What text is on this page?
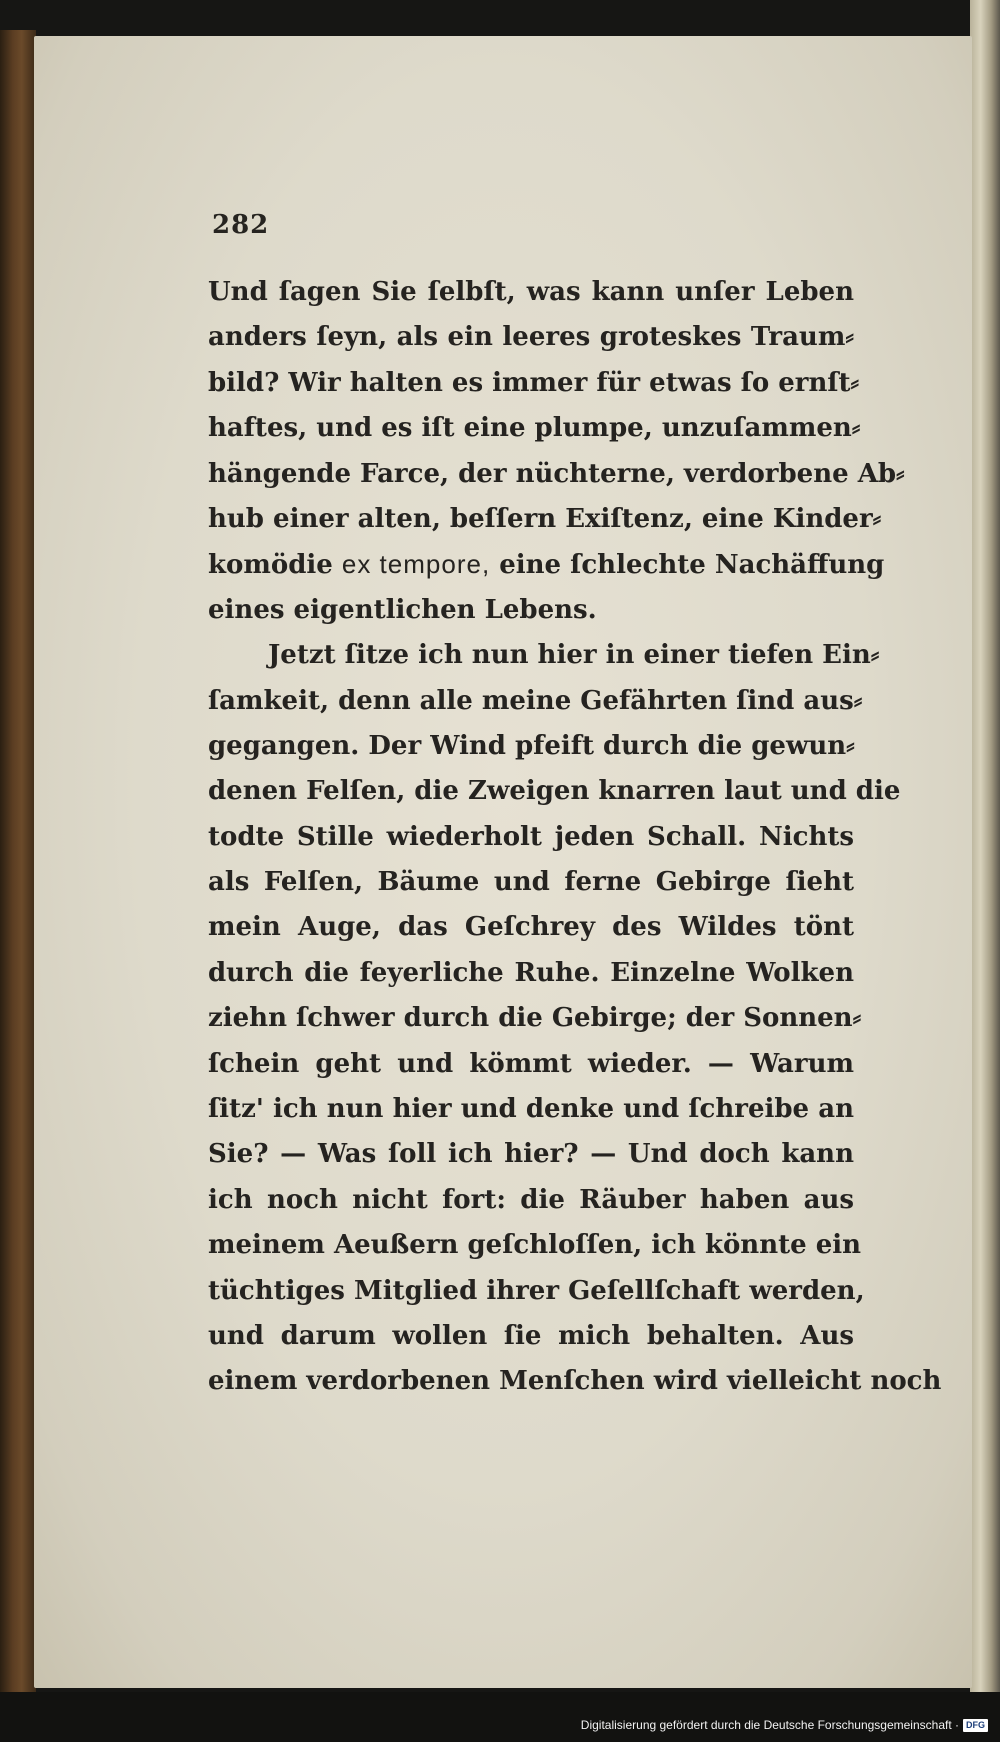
282
Und ſagen Sie ſelbſt, was kann unſer Leben
anders ſeyn, als ein leeres groteskes Traum⸗
bild? Wir halten es immer für etwas ſo ernſt⸗
haftes, und es iſt eine plumpe, unzuſammen⸗
hängende Farce, der nüchterne, verdorbene Ab⸗
hub einer alten, beſſern Exiſtenz, eine Kinder⸗
komödie ex tempore, eine ſchlechte Nachäffung
eines eigentlichen Lebens.
Jetzt ſitze ich nun hier in einer tiefen Ein⸗
ſamkeit, denn alle meine Gefährten ſind aus⸗
gegangen. Der Wind pfeift durch die gewun⸗
denen Felſen, die Zweigen knarren laut und die
todte Stille wiederholt jeden Schall. Nichts
als Felſen, Bäume und ferne Gebirge ſieht
mein Auge, das Geſchrey des Wildes tönt
durch die feyerliche Ruhe. Einzelne Wolken
ziehn ſchwer durch die Gebirge; der Sonnen⸗
ſchein geht und kömmt wieder. — Warum
ſitz' ich nun hier und denke und ſchreibe an
Sie? — Was ſoll ich hier? — Und doch kann
ich noch nicht fort: die Räuber haben aus
meinem Aeußern geſchloſſen, ich könnte ein
tüchtiges Mitglied ihrer Geſellſchaft werden,
und darum wollen ſie mich behalten. Aus
einem verdorbenen Menſchen wird vielleicht noch
Digitalisierung gefördert durch die Deutsche Forschungsgemeinschaft · DFG
